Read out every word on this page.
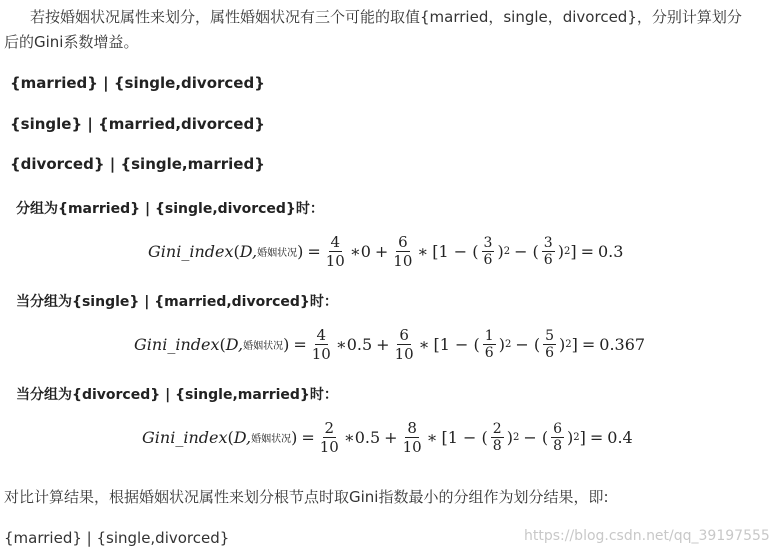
若按婚姻状况属性来划分，属性婚姻状况有三个可能的取值{married，single，divorced}，分别计算划分
后的Gini系数增益。
{married} | {single,divorced}
{single} | {married,divorced}
{divorced} | {single,married}
分组为{married} | {single,divorced}时：
Gini_index ( D, 婚姻状况 ) = $\frac{4}{10}$ ∗ $0 + \frac{6}{10}$ ∗ [1 − ( $\frac{3}{6}$ ) 2 − ( $\frac{3}{6}$ ) 2 ] = 0.3
当分组为{single} | {married,divorced}时：
Gini_index ( D, 婚姻状况 ) = $\frac{4}{10}$ ∗ $0.5 + \frac{6}{10}$ ∗ [1 − ( $\frac{1}{6}$ ) 2 − ( $\frac{5}{6}$ ) 2 ] = 0.367
当分组为{divorced} | {single,married}时：
Gini_index ( D, 婚姻状况 ) = $\frac{2}{10}$ ∗ $0.5 + \frac{8}{10}$ ∗ [1 − ( $\frac{2}{8}$ ) 2 − ( $\frac{6}{8}$ ) 2 ] = 0.4
对比计算结果，根据婚姻状况属性来划分根节点时取Gini指数最小的分组作为划分结果，即:
{married} | {single,divorced}	https://blog.csdn.net/qq_39197555
